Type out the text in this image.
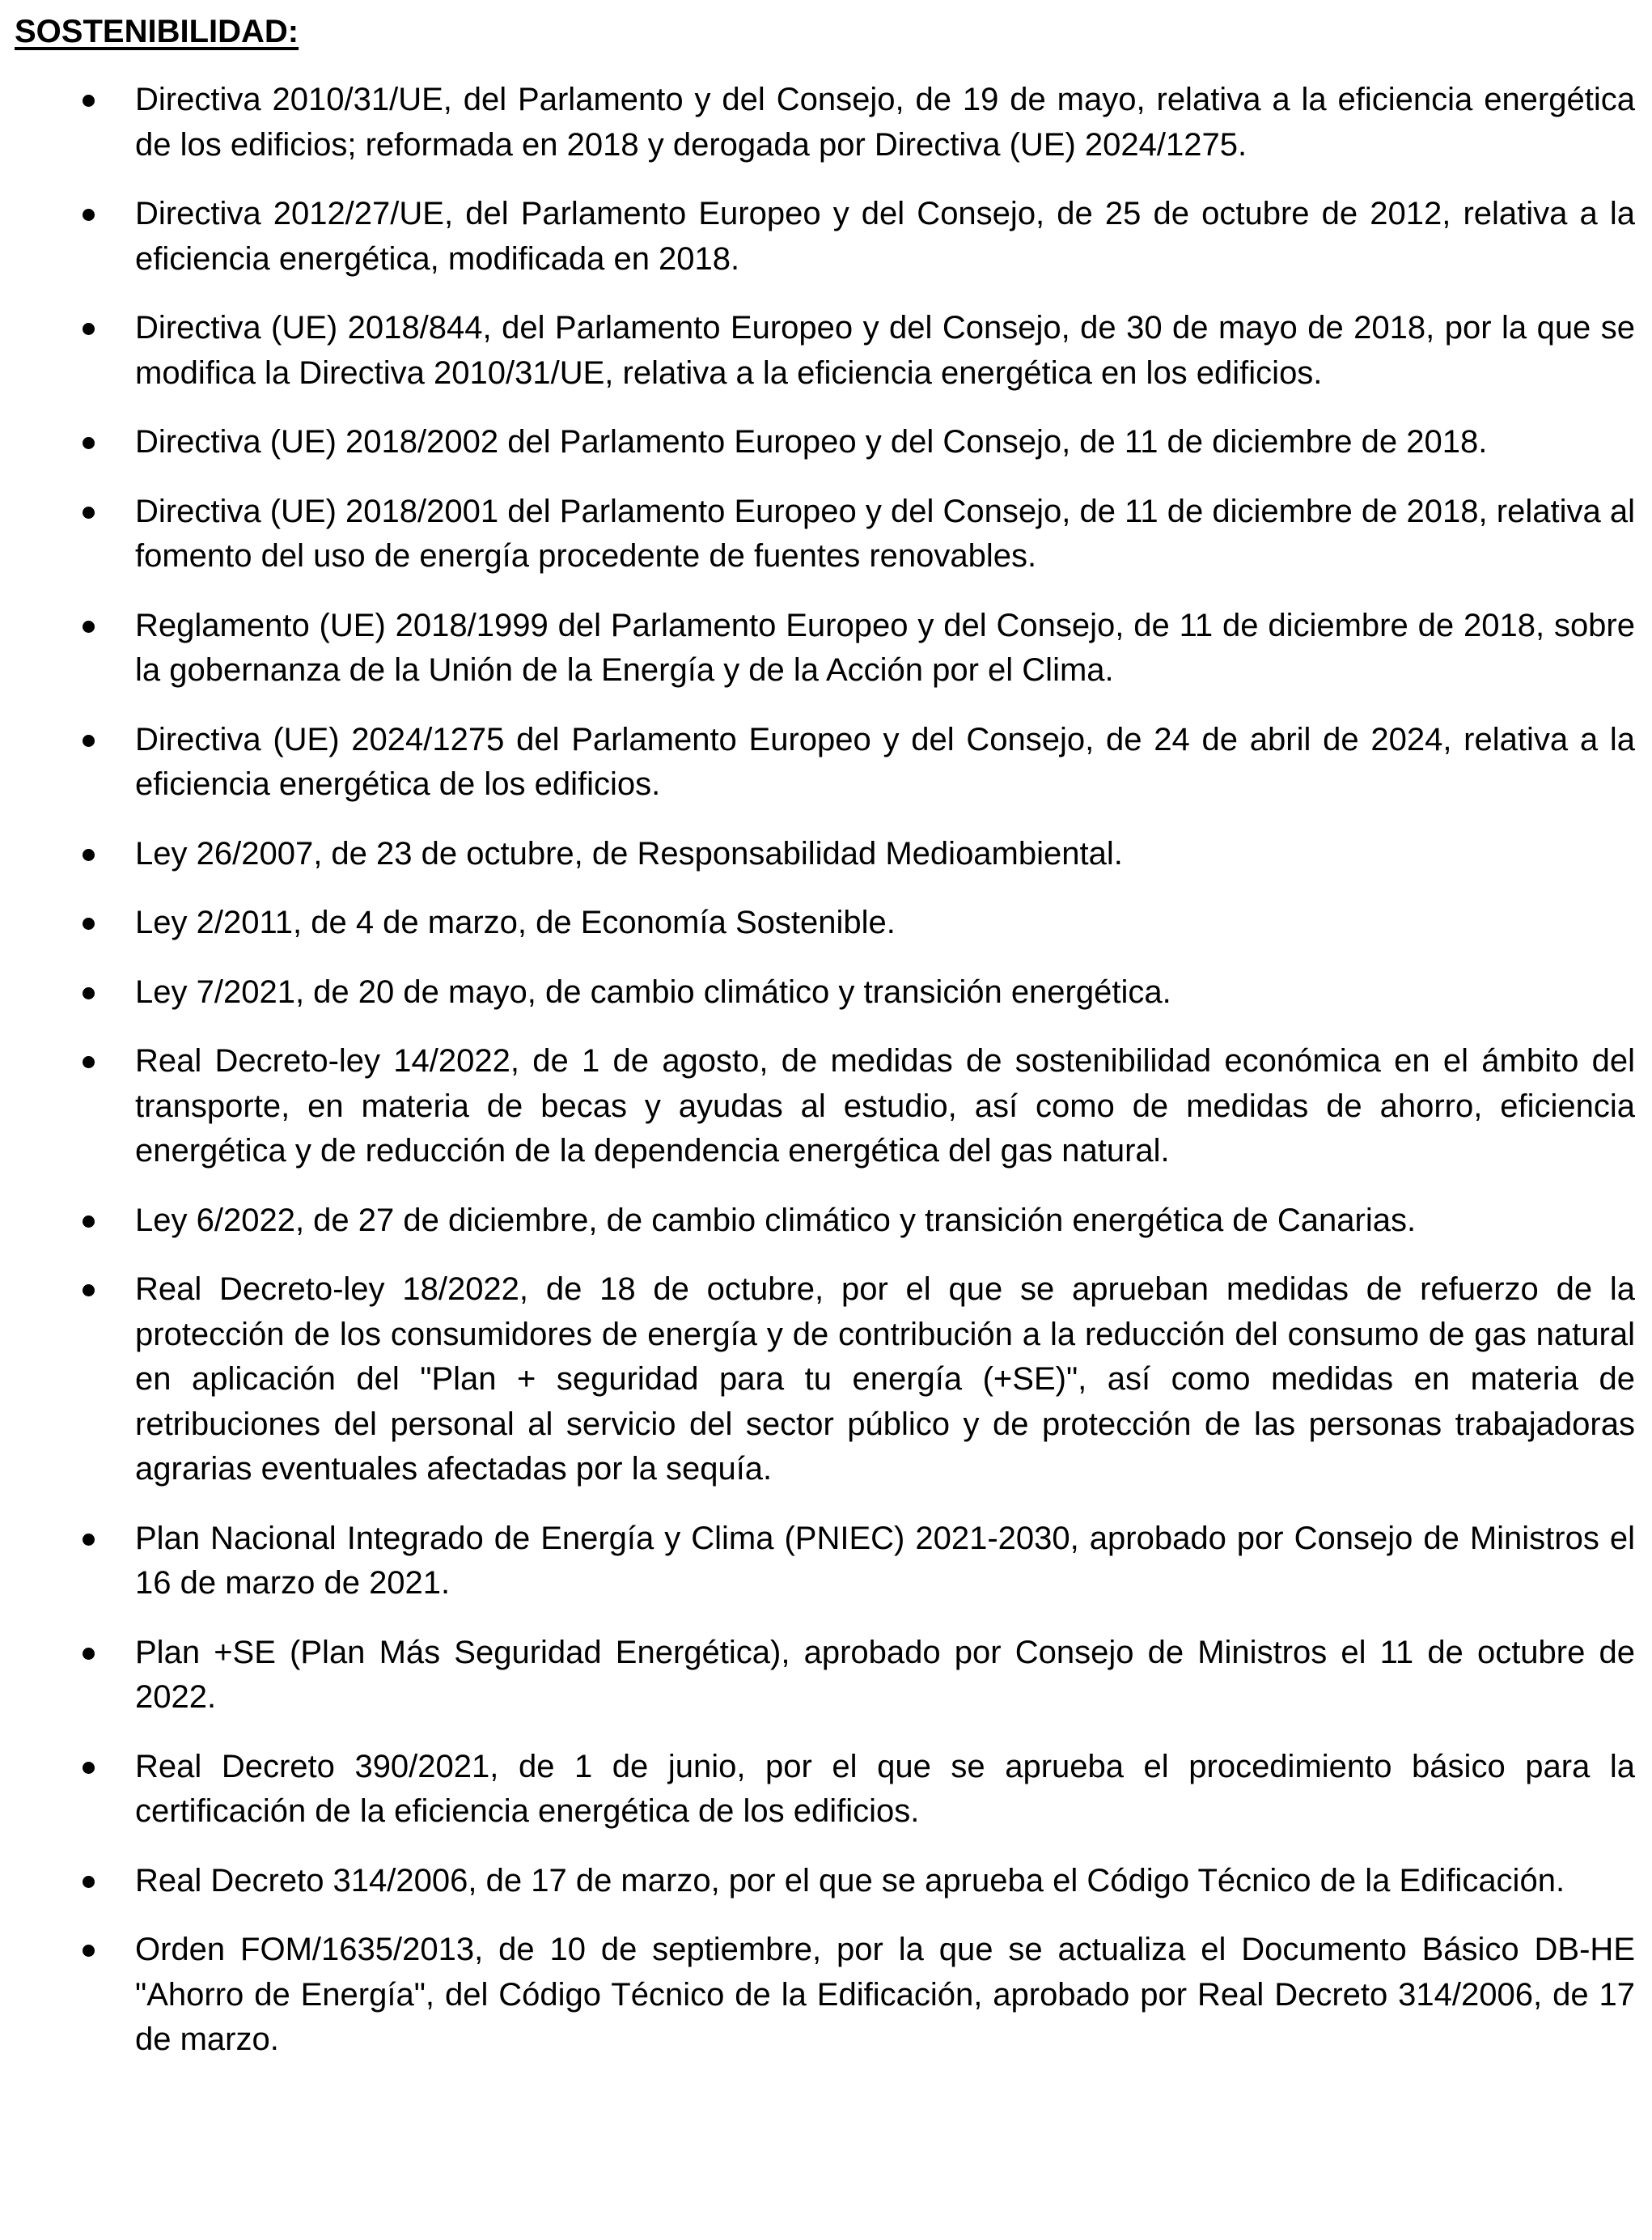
SOSTENIBILIDAD:
Directiva 2010/31/UE, del Parlamento y del Consejo, de 19 de mayo, relativa a la eficiencia energética de los edificios; reformada en 2018 y derogada por Directiva (UE) 2024/1275.
Directiva 2012/27/UE, del Parlamento Europeo y del Consejo, de 25 de octubre de 2012, relativa a la eficiencia energética, modificada en 2018.
Directiva (UE) 2018/844, del Parlamento Europeo y del Consejo, de 30 de mayo de 2018, por la que se modifica la Directiva 2010/31/UE, relativa a la eficiencia energética en los edificios.
Directiva (UE) 2018/2002 del Parlamento Europeo y del Consejo, de 11 de diciembre de 2018.
Directiva (UE) 2018/2001 del Parlamento Europeo y del Consejo, de 11 de diciembre de 2018, relativa al fomento del uso de energía procedente de fuentes renovables.
Reglamento (UE) 2018/1999 del Parlamento Europeo y del Consejo, de 11 de diciembre de 2018, sobre la gobernanza de la Unión de la Energía y de la Acción por el Clima.
Directiva (UE) 2024/1275 del Parlamento Europeo y del Consejo, de 24 de abril de 2024, relativa a la eficiencia energética de los edificios.
Ley 26/2007, de 23 de octubre, de Responsabilidad Medioambiental.
Ley 2/2011, de 4 de marzo, de Economía Sostenible.
Ley 7/2021, de 20 de mayo, de cambio climático y transición energética.
Real Decreto-ley 14/2022, de 1 de agosto, de medidas de sostenibilidad económica en el ámbito del transporte, en materia de becas y ayudas al estudio, así como de medidas de ahorro, eficiencia energética y de reducción de la dependencia energética del gas natural.
Ley 6/2022, de 27 de diciembre, de cambio climático y transición energética de Canarias.
Real Decreto-ley 18/2022, de 18 de octubre, por el que se aprueban medidas de refuerzo de la protección de los consumidores de energía y de contribución a la reducción del consumo de gas natural en aplicación del "Plan + seguridad para tu energía (+SE)", así como medidas en materia de retribuciones del personal al servicio del sector público y de protección de las personas trabajadoras agrarias eventuales afectadas por la sequía.
Plan Nacional Integrado de Energía y Clima (PNIEC) 2021-2030, aprobado por Consejo de Ministros el 16 de marzo de 2021.
Plan +SE (Plan Más Seguridad Energética), aprobado por Consejo de Ministros el 11 de octubre de 2022.
Real Decreto 390/2021, de 1 de junio, por el que se aprueba el procedimiento básico para la certificación de la eficiencia energética de los edificios.
Real Decreto 314/2006, de 17 de marzo, por el que se aprueba el Código Técnico de la Edificación.
Orden FOM/1635/2013, de 10 de septiembre, por la que se actualiza el Documento Básico DB-HE "Ahorro de Energía", del Código Técnico de la Edificación, aprobado por Real Decreto 314/2006, de 17 de marzo.
